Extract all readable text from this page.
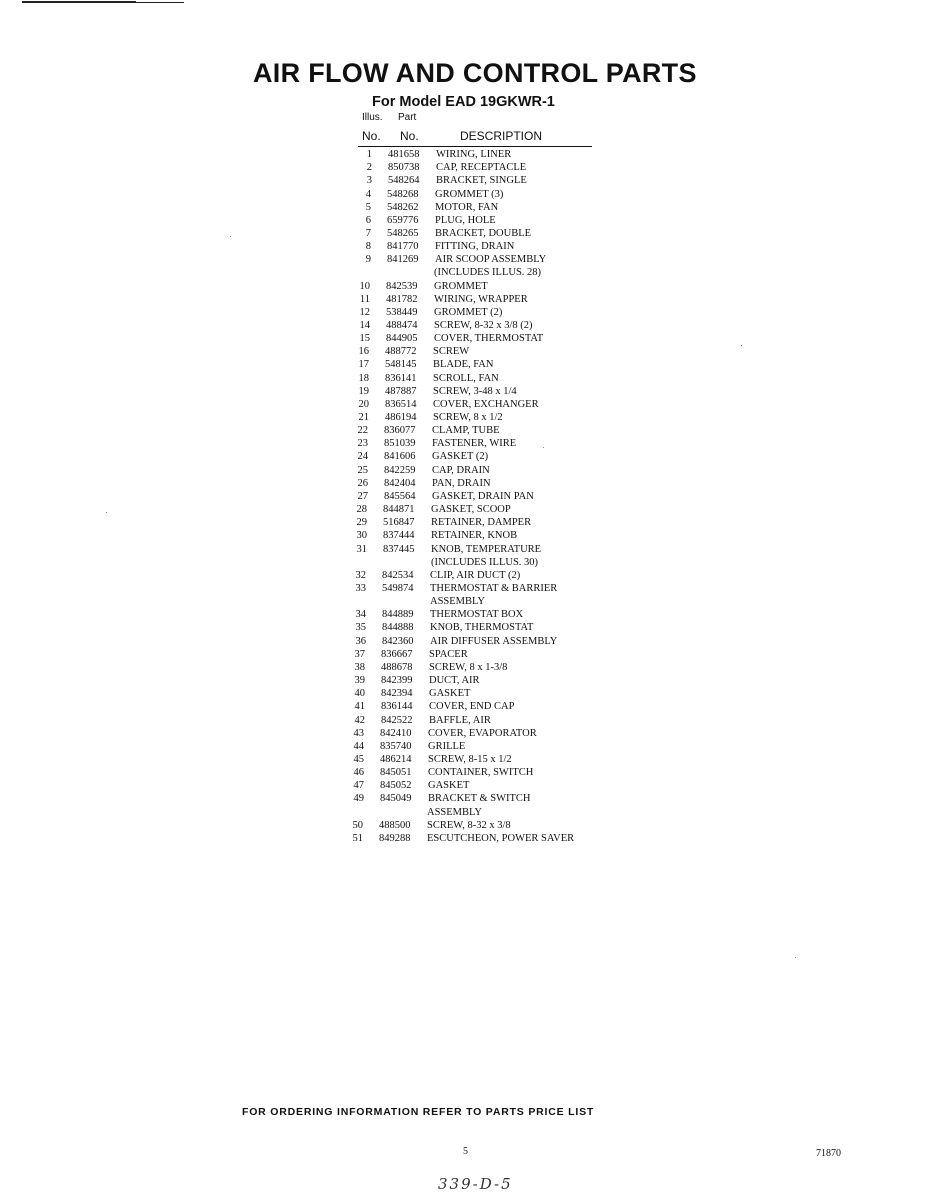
AIR FLOW AND CONTROL PARTS
For Model EAD 19GKWR-1
Illus. Part
No. No.	DESCRIPTION
1 481658 WIRING, LINER
2 850738 CAP, RECEPTACLE
3 548264 BRACKET, SINGLE
4 548268 GROMMET (3)
5 548262 MOTOR, FAN
6 659776 PLUG, HOLE
7 548265 BRACKET, DOUBLE
8 841770 FITTING, DRAIN
9 841269 AIR SCOOP ASSEMBLY
(INCLUDES ILLUS. 28)
10 842539 GROMMET
11 481782 WIRING, WRAPPER
12 538449 GROMMET (2)
14 488474 SCREW, 8-32 x 3/8 (2)
15 844905 COVER, THERMOSTAT
16 488772 SCREW
17 548145 BLADE, FAN
18 836141 SCROLL, FAN
19 487887 SCREW, 3-48 x 1/4
20 836514 COVER, EXCHANGER
21 486194 SCREW, 8 x 1/2
22 836077 CLAMP, TUBE
23 851039 FASTENER, WIRE
24 841606 GASKET (2)
25 842259 CAP, DRAIN
26 842404 PAN, DRAIN
27 845564 GASKET, DRAIN PAN
28 844871 GASKET, SCOOP
29 516847 RETAINER, DAMPER
30 837444 RETAINER, KNOB
31 837445 KNOB, TEMPERATURE
(INCLUDES ILLUS. 30)
32 842534 CLIP, AIR DUCT (2)
33 549874 THERMOSTAT & BARRIER
ASSEMBLY
34 844889 THERMOSTAT BOX
35 844888 KNOB, THERMOSTAT
36 842360 AIR DIFFUSER ASSEMBLY
37 836667 SPACER
38 488678 SCREW, 8 x 1-3/8
39 842399 DUCT, AIR
40 842394 GASKET
41 836144 COVER, END CAP
42 842522 BAFFLE, AIR
43 842410 COVER, EVAPORATOR
44 835740 GRILLE
45 486214 SCREW, 8-15 x 1/2
46 845051 CONTAINER, SWITCH
47 845052 GASKET
49 845049 BRACKET & SWITCH
ASSEMBLY
50 488500 SCREW, 8-32 x 3/8
51 849288 ESCUTCHEON, POWER SAVER
FOR ORDERING INFORMATION REFER TO PARTS PRICE LIST
5	71870
339-D-5
